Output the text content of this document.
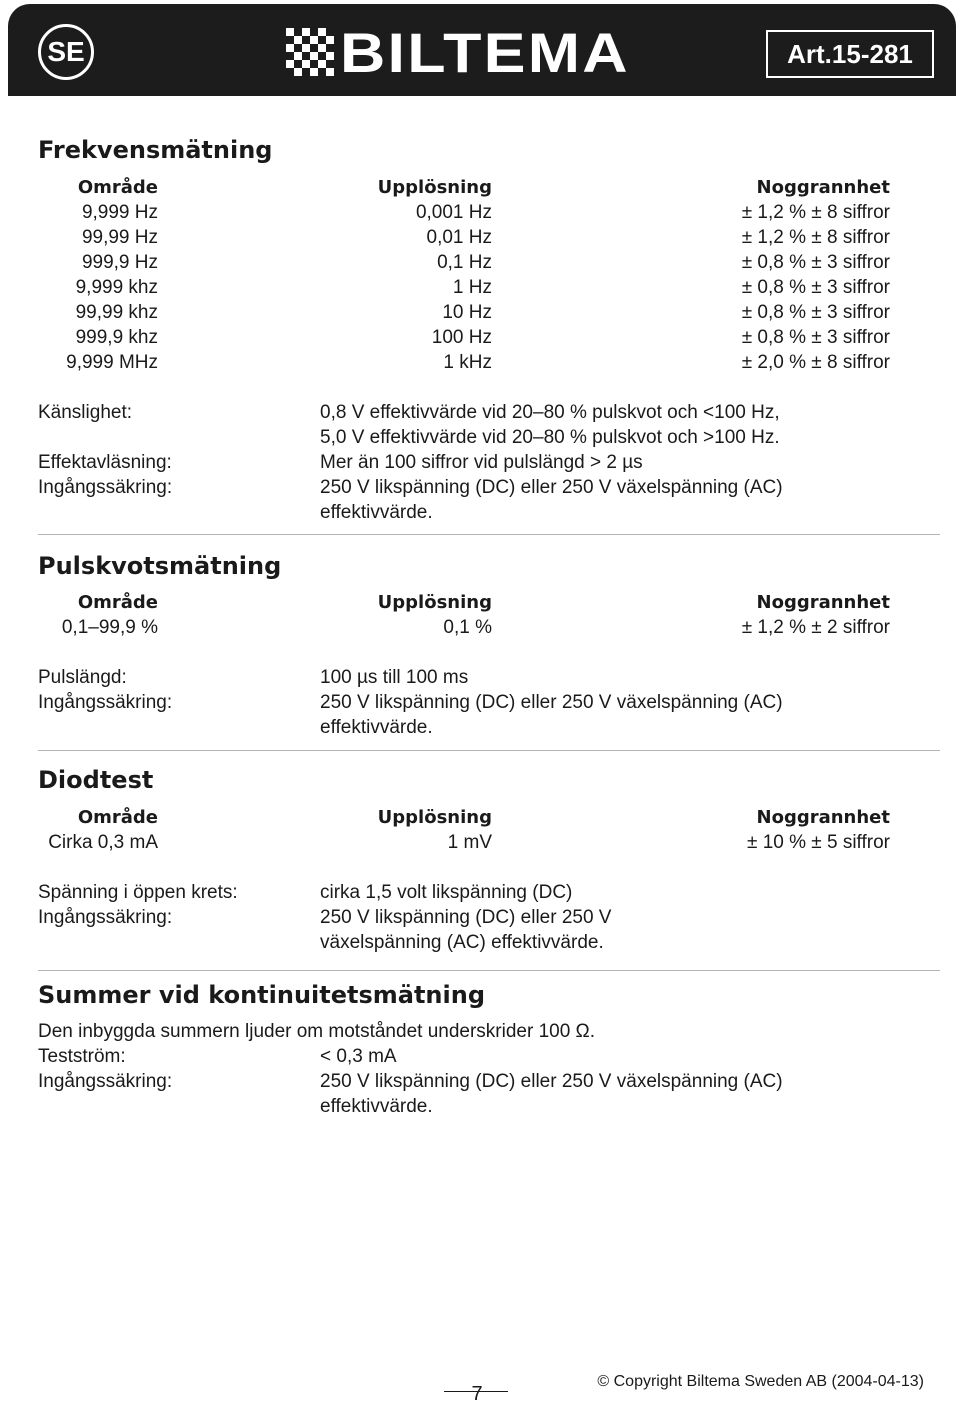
SE	BILTEMA	Art.15-281
Frekvensmätning
Område	Upplösning	Noggrannhet
9,999 Hz	0,001 Hz	± 1,2 % ± 8 siffror
99,99 Hz	0,01 Hz	± 1,2 % ± 8 siffror
999,9 Hz	0,1 Hz	± 0,8 % ± 3 siffror
9,999 khz	1 Hz	± 0,8 % ± 3 siffror
99,99 khz	10 Hz	± 0,8 % ± 3 siffror
999,9 khz	100 Hz	± 0,8 % ± 3 siffror
9,999 MHz	1 kHz	± 2,0 % ± 8 siffror
Känslighet:	0,8 V effektivvärde vid 20–80 % pulskvot och <100 Hz,
5,0 V effektivvärde vid 20–80 % pulskvot och >100 Hz.
Effektavläsning:	Mer än 100 siffror vid pulslängd > 2 µs
Ingångssäkring:	250 V likspänning (DC) eller 250 V växelspänning (AC)
effektivvärde.
Pulskvotsmätning
Område	Upplösning	Noggrannhet
0,1–99,9 %	0,1 %	± 1,2 % ± 2 siffror
Pulslängd:	100 µs till 100 ms
Ingångssäkring:	250 V likspänning (DC) eller 250 V växelspänning (AC)
effektivvärde.
Diodtest
Område	Upplösning	Noggrannhet
Cirka 0,3 mA	1 mV	± 10 % ± 5 siffror
Spänning i öppen krets:	cirka 1,5 volt likspänning (DC)
Ingångssäkring:	250 V likspänning (DC) eller 250 V
växelspänning (AC) effektivvärde.
Summer vid kontinuitetsmätning
Den inbyggda summern ljuder om motståndet underskrider 100 Ω.
Testström:	< 0,3 mA
Ingångssäkring:	250 V likspänning (DC) eller 250 V växelspänning (AC)
effektivvärde.
7
© Copyright Biltema Sweden AB (2004-04-13)
